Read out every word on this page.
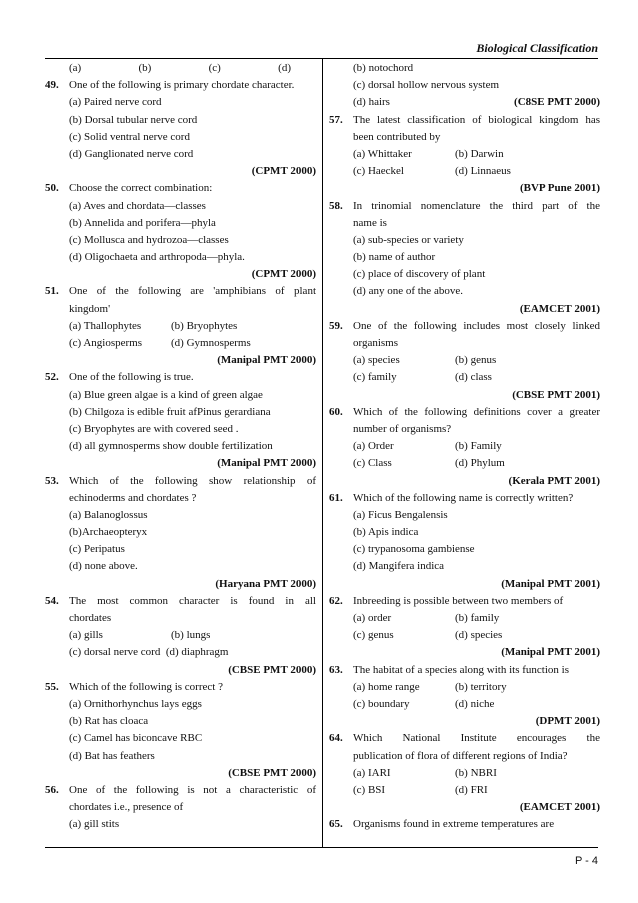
Biological Classification
P - 4
(a)	(b)	(c)	(d)
49. One of the following is primary chordate character.
(a) Paired nerve cord
(b) Dorsal tubular nerve cord
(c) Solid ventral nerve cord
(d) Ganglionated nerve cord
(CPMT 2000)
50. Choose the correct combination:
(a) Aves and chordata—classes
(b) Annelida and porifera—phyla
(c) Mollusca and hydrozoa—classes
(d) Oligochaeta and arthropoda—phyla.
(CPMT 2000)
51. One of the following are 'amphibians of plant
kingdom'
(a) Thallophytes	(b) Bryophytes
(c) Angiosperms	(d) Gymnosperms
(Manipal PMT 2000)
52. One of the following is true.
(a) Blue green algae is a kind of green algae
(b) Chilgoza is edible fruit afPinus gerardiana
(c) Bryophytes are with covered seed .
(d) all gymnosperms show double fertilization
(Manipal PMT 2000)
53. Which of the following show relationship of
echinoderms and chordates ?
(a) Balanoglossus
(b)Archaeopteryx
(c) Peripatus
(d) none above.
(Haryana PMT 2000)
54. The most common character is found in all
chordates
(a) gills	(b) lungs
(c) dorsal nerve cord  (d) diaphragm
(CBSE PMT 2000)
55. Which of the following is correct ?
(a) Ornithorhynchus lays eggs
(b) Rat has cloaca
(c) Camel has biconcave RBC
(d) Bat has feathers
(CBSE PMT 2000)
56. One of the following is not a characteristic of
chordates i.e., presence of
(a) gill stits
(b) notochord
(c) dorsal hollow nervous system
(d) hairs	(C8SE PMT 2000)
57. The latest classification of biological kingdom has
been contributed by
(a) Whittaker	(b) Darwin
(c) Haeckel	(d) Linnaeus
(BVP Pune 2001)
58. In trinomial nomenclature the third part of the
name is
(a) sub-species or variety
(b) name of author
(c) place of discovery of plant
(d) any one of the above.
(EAMCET 2001)
59. One of the following includes most closely linked
organisms
(a) species	(b) genus
(c) family	(d) class
(CBSE PMT 2001)
60. Which of the following definitions cover a greater
number of organisms?
(a) Order	(b) Family
(c) Class	(d) Phylum
(Kerala PMT 2001)
61. Which of the following name is correctly written?
(a) Ficus Bengalensis
(b) Apis indica
(c) trypanosoma gambiense
(d) Mangifera indica
(Manipal PMT 2001)
62. Inbreeding is possible between two members of
(a) order	(b) family
(c) genus	(d) species
(Manipal PMT 2001)
63. The habitat of a species along with its function is
(a) home range	(b) territory
(c) boundary	(d) niche
(DPMT 2001)
64. Which National Institute encourages the
publication of flora of different regions of India?
(a) IARI	(b) NBRI
(c) BSI	(d) FRI
(EAMCET 2001)
65. Organisms found in extreme temperatures are
